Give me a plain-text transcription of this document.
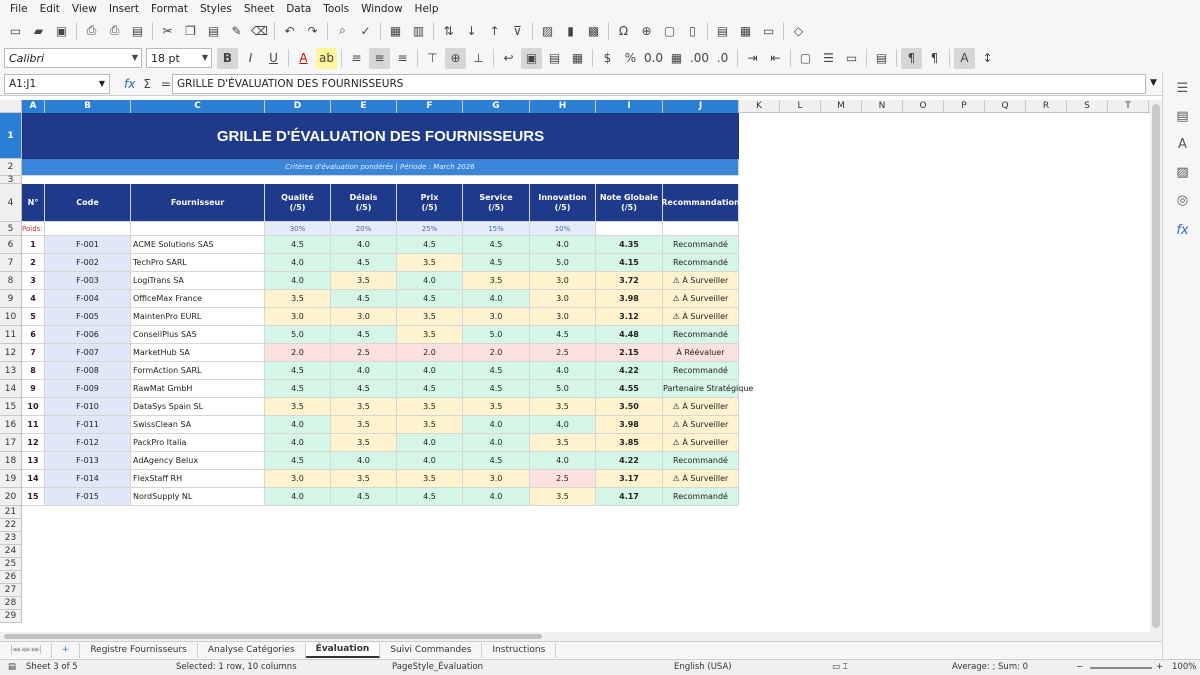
File	Edit	View	Insert	Format	Styles	Sheet	Data	Tools	Window	Help
▭	▰	▣	⎙	⎙	▤	✂	❐ ▤	✎ ⌫	↶	↷	⌕	✓	▦ ▥	⇅	↓	↑	⊽	▨	▮	▩	Ω	⊕	▢	▯	▤ ▦ ▭	◇
Calibri	▼ 18 pt	▼	B	I	U	A ab	≡	≡	≡	⊤	⊕	⊥	↩	▣ ▤ ▦	$	% 0.0 ▦ .00 .0	⇥	⇤	▢ ☰ ▭	▤	¶	¶	A	↕
A1:J1	▼ fx Σ = GRILLE D'ÉVALUATION DES FOURNISSEURS	▼
A	B	C	D	E	F	G	H	I	J	K	L	M	N	O	P	Q	R	S	T
1
2
3
4
5
6
7
8
9
10
11
12
13
14
15
16
17
18
19
20
21
22
23
24
25
26
27
28
29
GRILLE D'ÉVALUATION DES FOURNISSEURS
Critères d'évaluation pondérés | Période : March 2026
N°	Code	Fournisseur
Qualité
(/5)
Délais
(/5)
Prix
(/5)
Service
(/5)
Innovation
(/5)
Note Globale
(/5)
Recommandation
Poids:	30%	20%	25%	15%	10%
1	F-001	ACME Solutions SAS	4.5	4.0	4.5	4.5	4.0	4.35	Recommandé
2	F-002	TechPro SARL	4.0	4.5	3.5	4.5	5.0	4.15	Recommandé
3	F-003	LogiTrans SA	4.0	3.5	4.0	3.5	3.0	3.72	⚠ À Surveiller
4	F-004	OfficeMax France	3.5	4.5	4.5	4.0	3.0	3.98	⚠ À Surveiller
5	F-005	MaintenPro EURL	3.0	3.0	3.5	3.0	3.0	3.12	⚠ À Surveiller
6	F-006	ConseilPlus SAS	5.0	4.5	3.5	5.0	4.5	4.48	Recommandé
7	F-007	MarketHub SA	2.0	2.5	2.0	2.0	2.5	2.15	À Réévaluer
8	F-008	FormAction SARL	4.5	4.0	4.0	4.5	4.0	4.22	Recommandé
9	F-009	RawMat GmbH	4.5	4.5	4.5	4.5	5.0	4.55	Partenaire Stratégique
10	F-010	DataSys Spain SL	3.5	3.5	3.5	3.5	3.5	3.50	⚠ À Surveiller
11	F-011	SwissClean SA	4.0	3.5	3.5	4.0	4.0	3.98	⚠ À Surveiller
12	F-012	PackPro Italia	4.0	3.5	4.0	4.0	3.5	3.85	⚠ À Surveiller
13	F-013	AdAgency Belux	4.5	4.0	4.0	4.5	4.0	4.22	Recommandé
14	F-014	FlexStaff RH	3.0	3.5	3.5	3.0	2.5	3.17	⚠ À Surveiller
15	F-015	NordSupply NL	4.0	4.5	4.5	4.0	3.5	4.17	Recommandé
☰
▤
A
▨
◎
fx
|◂◂ ◂ ▸ ▸▸|	+	Registre Fournisseurs	Analyse Catégories	Évaluation	Suivi Commandes	Instructions
▤ Sheet 3 of 5	Selected: 1 row, 10 columns	PageStyle_Évaluation	English (USA)	▭ ⌶	Average: ; Sum: 0	−	+ 100%
